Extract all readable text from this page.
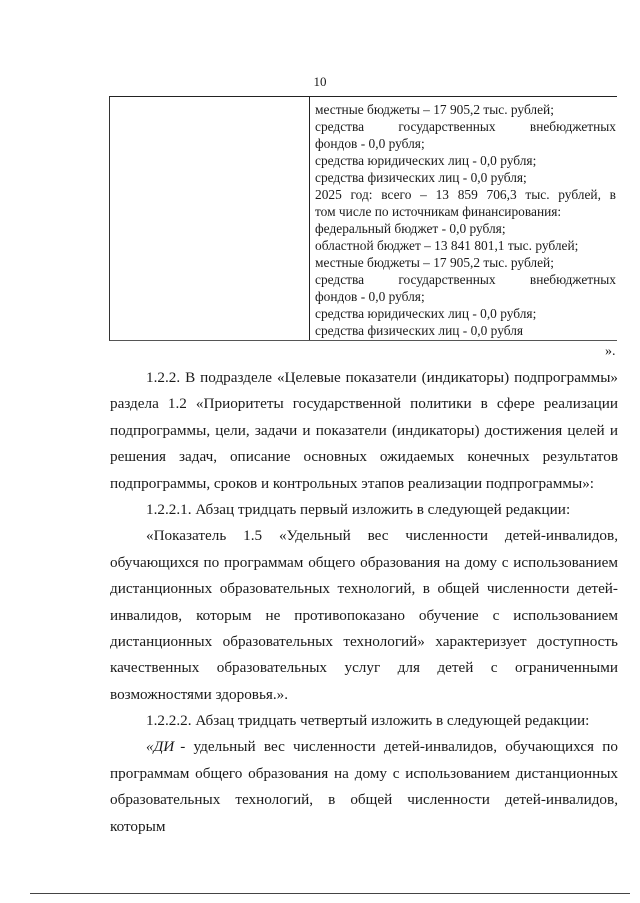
10
местные бюджеты – 17 905,2 тыс. рублей;
средства государственных внебюджетных
фондов - 0,0 рубля;
средства юридических лиц - 0,0 рубля;
средства физических лиц - 0,0 рубля;
2025 год: всего – 13 859 706,3 тыс. рублей, в
том числе по источникам финансирования:
федеральный бюджет - 0,0 рубля;
областной бюджет – 13 841 801,1 тыс. рублей;
местные бюджеты – 17 905,2 тыс. рублей;
средства государственных внебюджетных
фондов - 0,0 рубля;
средства юридических лиц - 0,0 рубля;
средства физических лиц - 0,0 рубля
».
1.2.2. В подразделе «Целевые показатели (индикаторы) подпрограммы»
раздела 1.2 «Приоритеты государственной политики в сфере реализации
подпрограммы, цели, задачи и показатели (индикаторы) достижения целей и
решения задач, описание основных ожидаемых конечных результатов
подпрограммы, сроков и контрольных этапов реализации подпрограммы»:
1.2.2.1. Абзац тридцать первый изложить в следующей редакции:
«Показатель 1.5 «Удельный вес численности детей-инвалидов,
обучающихся по программам общего образования на дому с использованием
дистанционных образовательных технологий, в общей численности детей-
инвалидов, которым не противопоказано обучение с использованием
дистанционных образовательных технологий» характеризует доступность
качественных образовательных услуг для детей с ограниченными
возможностями здоровья.».
1.2.2.2. Абзац тридцать четвертый изложить в следующей редакции:
«ДИ - удельный вес численности детей-инвалидов, обучающихся по
программам общего образования на дому с использованием дистанционных
образовательных технологий, в общей численности детей-инвалидов, которым
